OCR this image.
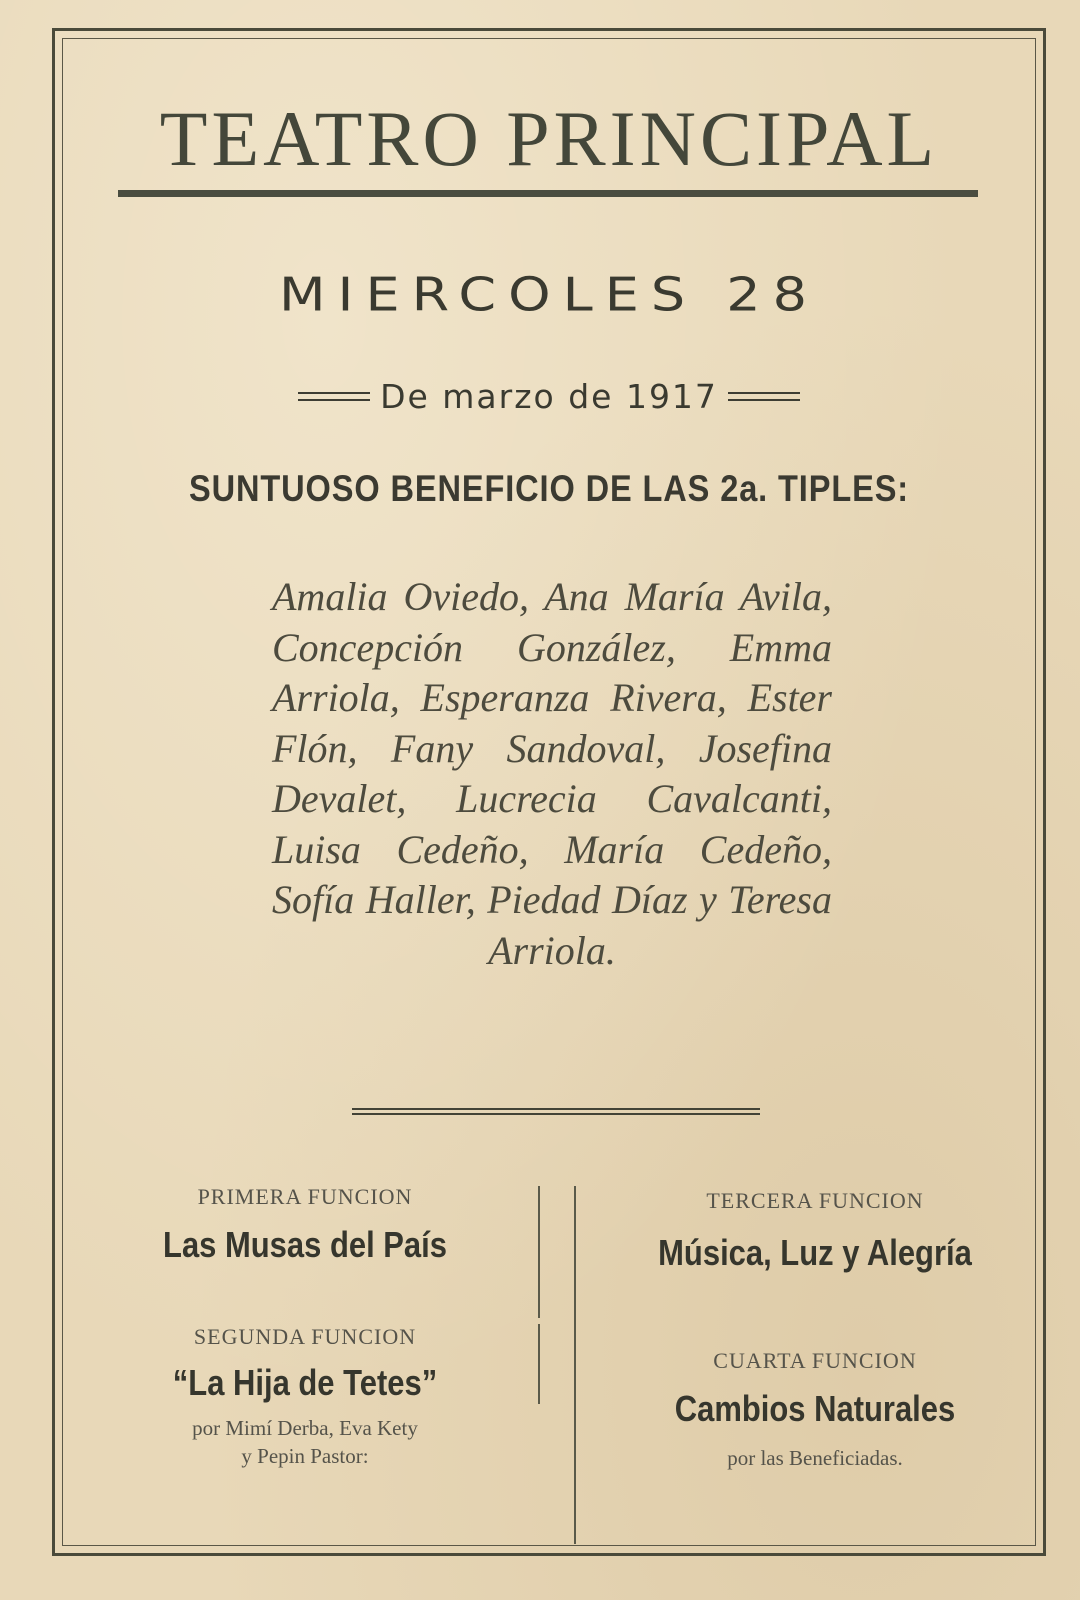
TEATRO PRINCIPAL
MIERCOLES 28
De marzo de 1917
SUNTUOSO BENEFICIO DE LAS 2a. TIPLES:
Amalia Oviedo, Ana María Avila, Concepción González, Emma Arriola, Esperanza Rivera, Ester Flón, Fany Sandoval, Josefina Devalet, Lucrecia Cavalcanti, Luisa Cedeño, María Cedeño, Sofía Haller, Piedad Díaz y Teresa Arriola.
PRIMERA FUNCION
Las Musas del País
SEGUNDA FUNCION
“La Hija de Tetes”
por Mimí Derba, Eva Kety
y Pepin Pastor:
TERCERA FUNCION
Música, Luz y Alegría
CUARTA FUNCION
Cambios Naturales
por las Beneficiadas.
